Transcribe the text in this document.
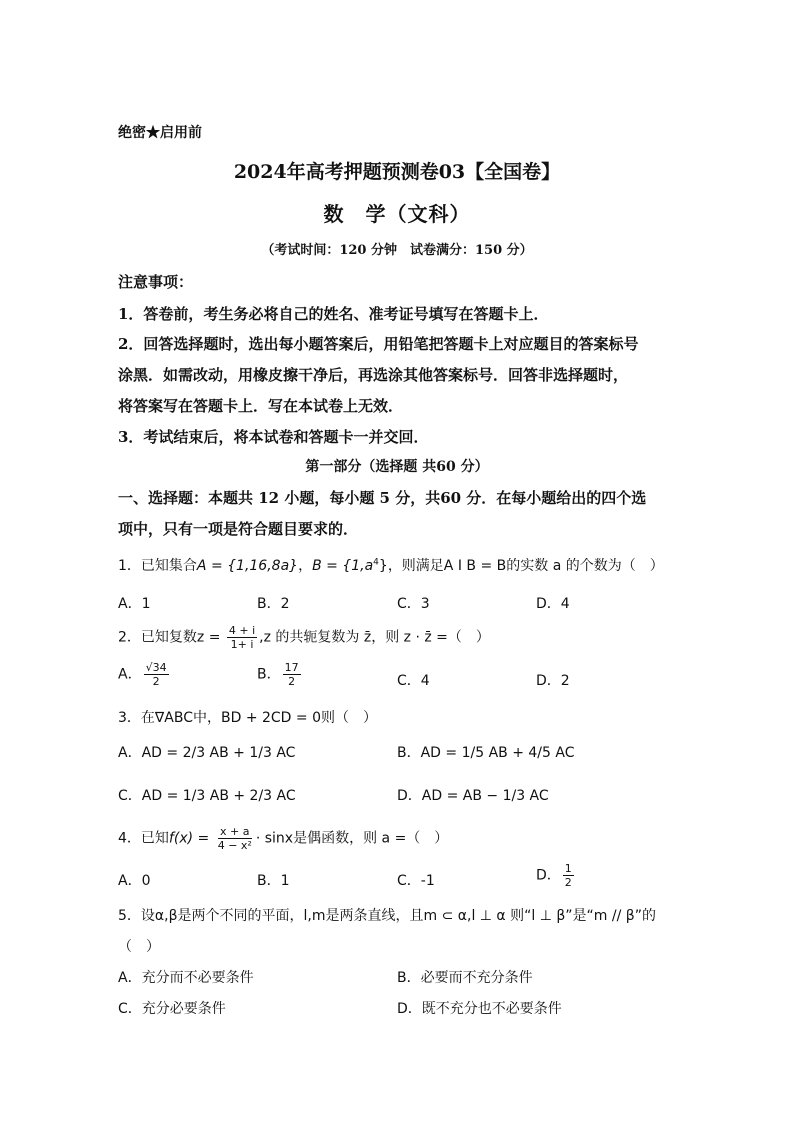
绝密★启用前
2024年高考押题预测卷03【全国卷】
数　学（文科）
（考试时间：120 分钟　试卷满分：150 分）
注意事项：
1．答卷前，考生务必将自己的姓名、准考证号填写在答题卡上．
2．回答选择题时，选出每小题答案后，用铅笔把答题卡上对应题目的答案标号
涂黑．如需改动，用橡皮擦干净后，再选涂其他答案标号．回答非选择题时，
将答案写在答题卡上．写在本试卷上无效．
3．考试结束后，将本试卷和答题卡一并交回．
第一部分（选择题 共60 分）
一、选择题：本题共 12 小题，每小题 5 分，共60 分．在每小题给出的四个选
项中，只有一项是符合题目要求的．
1．已知集合A = {1,16,8a}，$B = \{1,a^4\}$，则满足A I B = B的实数 a 的个数为（　）
A．1	B．2	C．3	D．4
2．已知复数$z = \frac{4 + i}{1+ i} ,z$ 的共轭复数为 z̄，则 z · z̄ =（　）
A． $\frac{√34}{2}$	B． $\frac{17}{2}$	C．4	D．2
3．在∇ABC中，BD + 2CD = 0则（　）
A．AD = 2/3 AB + 1/3 AC	B．AD = 1/5 AB + 4/5 AC
C．AD = 1/3 AB + 2/3 AC	D．AD = AB − 1/3 AC
4．已知$f(x) = \frac{x + a}{\text{4 − x²}} \cdot \sin x$是偶函数，则 a =（　）
A．0	B．1	C．-1	D． $\frac{1}{2}$
5．设α,β是两个不同的平面，l,m是两条直线，且m ⊂ α,l ⊥ α 则“l ⊥ β”是“m // β”的
（　）
A．充分而不必要条件	B．必要而不充分条件
C．充分必要条件	D．既不充分也不必要条件
